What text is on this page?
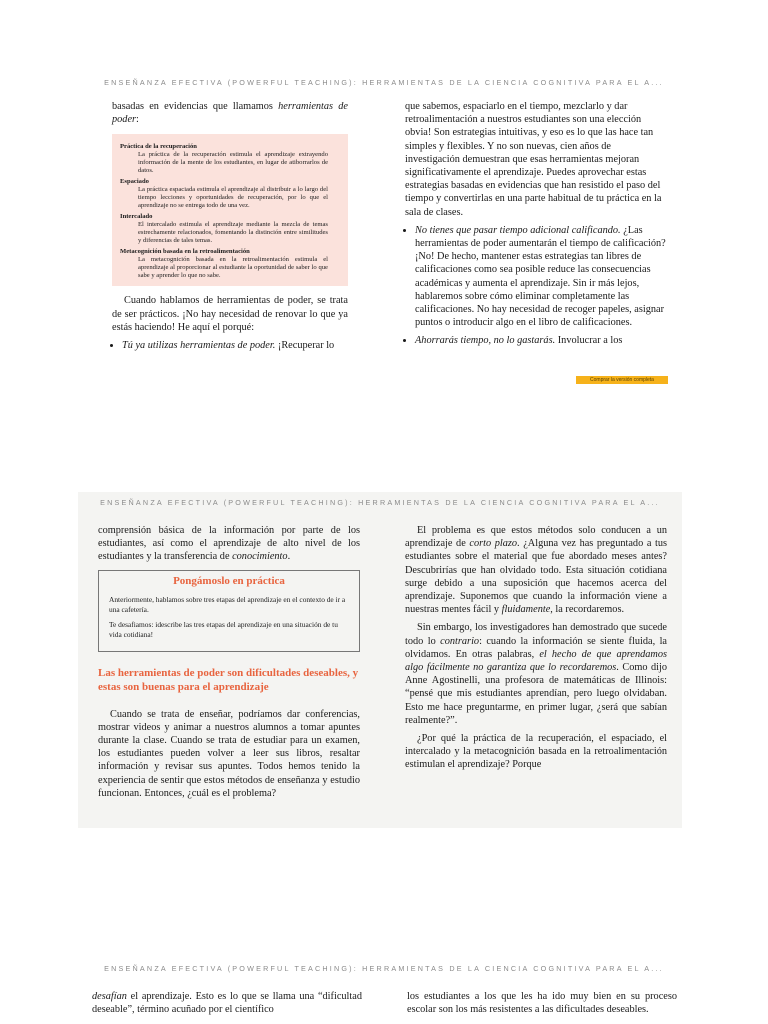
ENSEÑANZA EFECTIVA (POWERFUL TEACHING): HERRAMIENTAS DE LA CIENCIA COGNITIVA PARA EL A...

basadas en evidencias que llamamos herramientas de poder:

Práctica de la recuperación
La práctica de la recuperación estimula el aprendizaje extrayendo información de la mente de los estudiantes, en lugar de atiborrarlos de datos.
Espaciado
La práctica espaciada estimula el aprendizaje al distribuir a lo largo del tiempo lecciones y oportunidades de recuperación, por lo que el aprendizaje no se entrega todo de una vez.
Intercalado
El intercalado estimula el aprendizaje mediante la mezcla de temas estrechamente relacionados, fomentando la distinción entre similitudes y diferencias de tales temas.
Metacognición basada en la retroalimentación
La metacognición basada en la retroalimentación estimula el aprendizaje al proporcionar al estudiante la oportunidad de saber lo que sabe y aprender lo que no sabe.

Cuando hablamos de herramientas de poder, se trata de ser prácticos. ¡No hay necesidad de renovar lo que ya estás haciendo! He aquí el porqué:

• Tú ya utilizas herramientas de poder. ¡Recuperar lo

que sabemos, espaciarlo en el tiempo, mezclarlo y dar retroalimentación a nuestros estudiantes son una elección obvia! Son estrategias intuitivas, y eso es lo que las hace tan simples y flexibles. Y no son nuevas, cien años de investigación demuestran que esas herramientas mejoran significativamente el aprendizaje. Puedes aprovechar estas estrategias basadas en evidencias que han resistido el paso del tiempo y convertirlas en una parte habitual de tu práctica en la sala de clases.

• No tienes que pasar tiempo adicional calificando. ¿Las herramientas de poder aumentarán el tiempo de calificación? ¡No! De hecho, mantener estas estrategias tan libres de calificaciones como sea posible reduce las consecuencias académicas y aumenta el aprendizaje. Sin ir más lejos, hablaremos sobre cómo eliminar completamente las calificaciones. No hay necesidad de recoger papeles, asignar puntos o introducir algo en el libro de calificaciones.
• Ahorrarás tiempo, no lo gastarás. Involucrar a los
Comprar la versión completa
ENSEÑANZA EFECTIVA (POWERFUL TEACHING): HERRAMIENTAS DE LA CIENCIA COGNITIVA PARA EL A...

comprensión básica de la información por parte de los estudiantes, así como el aprendizaje de alto nivel de los estudiantes y la transferencia de conocimiento.

Pongámoslo en práctica

Anteriormente, hablamos sobre tres etapas del aprendizaje en el contexto de ir a una cafetería.

Te desafiamos: idescribe las tres etapas del aprendizaje en una situación de tu vida cotidiana!

Las herramientas de poder son dificultades deseables, y estas son buenas para el aprendizaje

Cuando se trata de enseñar, podríamos dar conferencias, mostrar videos y animar a nuestros alumnos a tomar apuntes durante la clase. Cuando se trata de estudiar para un examen, los estudiantes pueden volver a leer sus libros, resaltar información y revisar sus apuntes. Todos hemos tenido la experiencia de sentir que estos métodos de enseñanza y estudio funcionan. Entonces, ¿cuál es el problema?

El problema es que estos métodos solo conducen a un aprendizaje de corto plazo. ¿Alguna vez has preguntado a tus estudiantes sobre el material que fue abordado meses antes? Descubrirías que han olvidado todo. Esta situación cotidiana surge debido a una suposición que hacemos acerca del aprendizaje. Suponemos que cuando la información viene a nuestras mentes fácil y fluidamente, la recordaremos.

Sin embargo, los investigadores han demostrado que sucede todo lo contrario: cuando la información se siente fluida, la olvidamos. En otras palabras, el hecho de que aprendamos algo fácilmente no garantiza que lo recordaremos. Como dijo Anne Agostinelli, una profesora de matemáticas de Illinois: “pensé que mis estudiantes aprendían, pero luego olvidaban. Esto me hace preguntarme, en primer lugar, ¿será que sabían realmente?”.

¿Por qué la práctica de la recuperación, el espaciado, el intercalado y la metacognición basada en la retroalimentación estimulan el aprendizaje? Porque

ENSEÑANZA EFECTIVA (POWERFUL TEACHING): HERRAMIENTAS DE LA CIENCIA COGNITIVA PARA EL A...

desafían el aprendizaje. Esto es lo que se llama una “dificultad deseable”, término acuñado por el científico

los estudiantes a los que les ha ido muy bien en su proceso escolar son los más resistentes a las dificultades deseables.
